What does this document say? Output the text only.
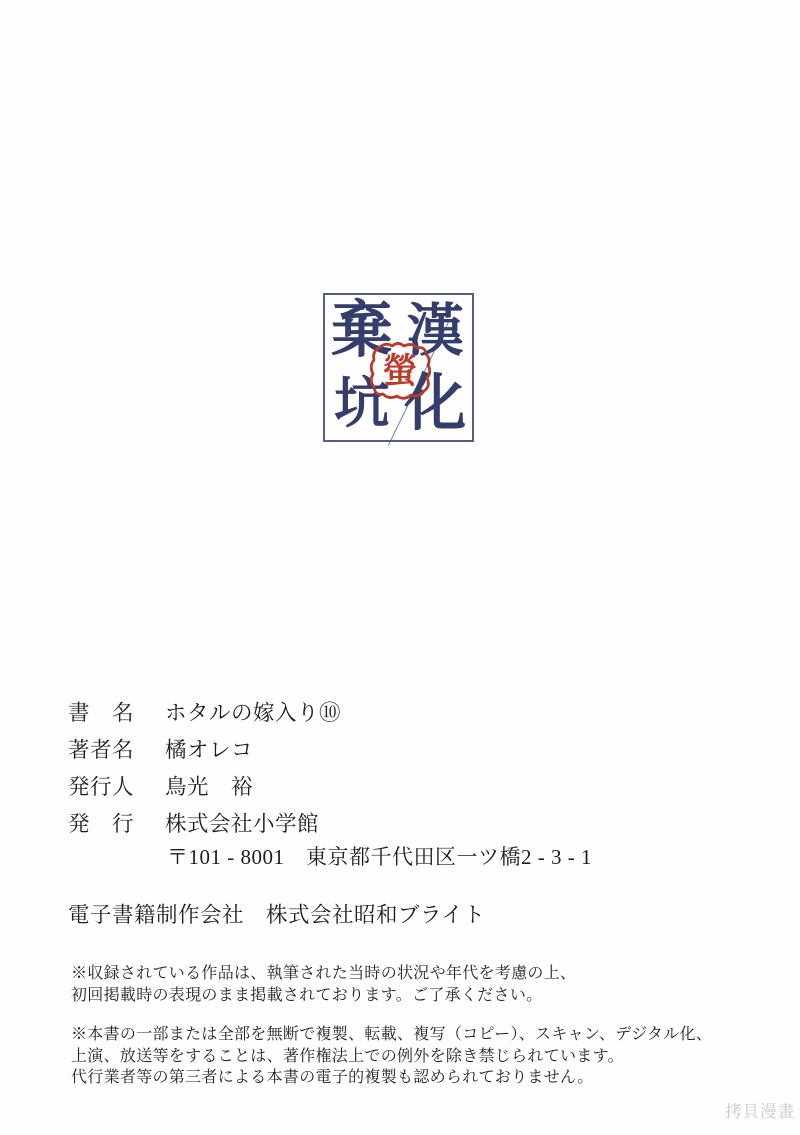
棄 漢
坑 化
螢
書　名	ホタルの嫁入り⑩
著者名	橘オレコ
発行人	鳥光　裕
発　行	株式会社小学館
〒101 - 8001　東京都千代田区一ツ橋2 - 3 - 1
電子書籍制作会社　株式会社昭和ブライト
※収録されている作品は、執筆された当時の状況や年代を考慮の上、
初回掲載時の表現のまま掲載されております。ご了承ください。
※本書の一部または全部を無断で複製、転載、複写（コピー）、スキャン、デジタル化、
上演、放送等をすることは、著作権法上での例外を除き禁じられています。
代行業者等の第三者による本書の電子的複製も認められておりません。
拷貝漫畫
